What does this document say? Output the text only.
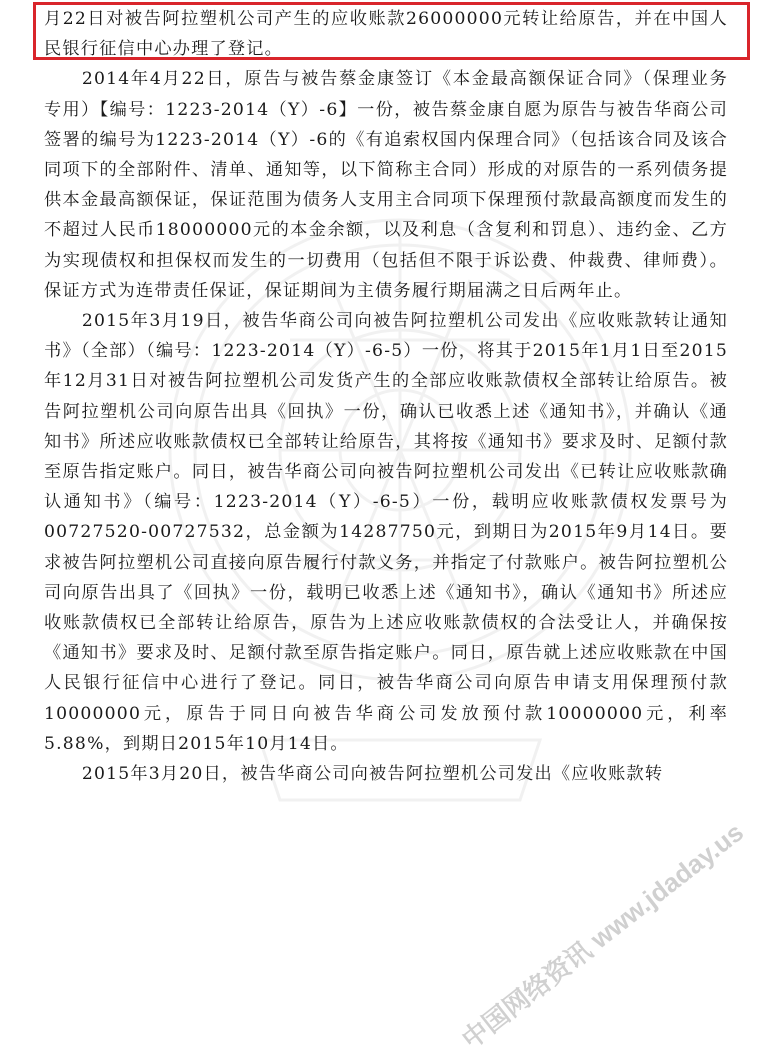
月22日对被告阿拉塑机公司产生的应收账款26000000元转让给原告，并在中国人民银行征信中心办理了登记。

2014年4月22日，原告与被告蔡金康签订《本金最高额保证合同》（保理业务专用）【编号：1223-2014（Y）-6】一份，被告蔡金康自愿为原告与被告华商公司签署的编号为1223-2014（Y）-6的《有追索权国内保理合同》（包括该合同及该合同项下的全部附件、清单、通知等，以下简称主合同）形成的对原告的一系列债务提供本金最高额保证，保证范围为债务人支用主合同项下保理预付款最高额度而发生的不超过人民币18000000元的本金余额，以及利息（含复利和罚息）、违约金、乙方为实现债权和担保权而发生的一切费用（包括但不限于诉讼费、仲裁费、律师费）。保证方式为连带责任保证，保证期间为主债务履行期届满之日后两年止。

2015年3月19日，被告华商公司向被告阿拉塑机公司发出《应收账款转让通知书》（全部）（编号：1223-2014（Y）-6-5）一份，将其于2015年1月1日至2015年12月31日对被告阿拉塑机公司发货产生的全部应收账款债权全部转让给原告。被告阿拉塑机公司向原告出具《回执》一份，确认已收悉上述《通知书》，并确认《通知书》所述应收账款债权已全部转让给原告，其将按《通知书》要求及时、足额付款至原告指定账户。同日，被告华商公司向被告阿拉塑机公司发出《已转让应收账款确认通知书》（编号：1223-2014（Y）-6-5）一份，载明应收账款债权发票号为00727520-00727532，总金额为14287750元，到期日为2015年9月14日。要求被告阿拉塑机公司直接向原告履行付款义务，并指定了付款账户。被告阿拉塑机公司向原告出具了《回执》一份，载明已收悉上述《通知书》，确认《通知书》所述应收账款债权已全部转让给原告，原告为上述应收账款债权的合法受让人，并确保按《通知书》要求及时、足额付款至原告指定账户。同日，原告就上述应收账款在中国人民银行征信中心进行了登记。同日，被告华商公司向原告申请支用保理预付款10000000元，原告于同日向被告华商公司发放预付款10000000元，利率5.88%，到期日2015年10月14日。

2015年3月20日，被告华商公司向被告阿拉塑机公司发出《应收账款转

中国网络资讯 www.jdaday.us
